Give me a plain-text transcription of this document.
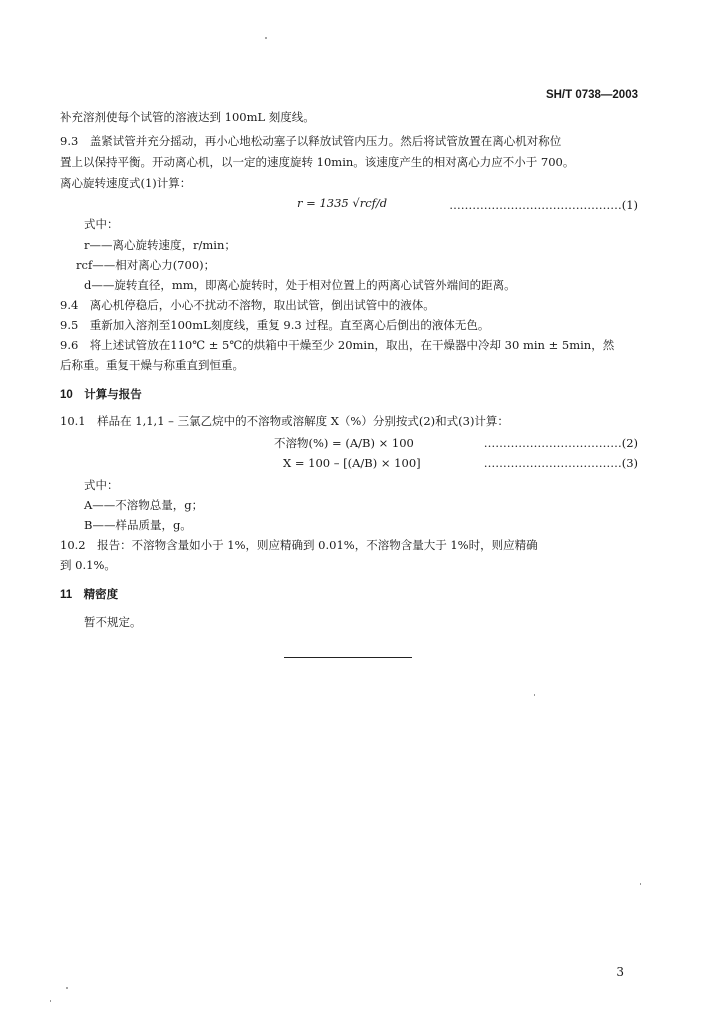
SH/T 0738—2003
补充溶剂使每个试管的溶液达到 100mL 刻度线。
9.3　盖紧试管并充分摇动，再小心地松动塞子以释放试管内压力。然后将试管放置在离心机对称位
置上以保持平衡。开动离心机，以一定的速度旋转 10min。该速度产生的相对离心力应不小于 700。
离心旋转速度式(1)计算：
r = 1335 √rcf/d	………………………………………(1)
式中：
r——离心旋转速度，r/min；
rcf——相对离心力(700)；
d——旋转直径，mm，即离心旋转时，处于相对位置上的两离心试管外端间的距离。
9.4　离心机停稳后，小心不扰动不溶物，取出试管，倒出试管中的液体。
9.5　重新加入溶剂至100mL刻度线，重复 9.3 过程。直至离心后倒出的液体无色。
9.6　将上述试管放在110℃ ± 5℃的烘箱中干燥至少 20min，取出，在干燥器中冷却 30 min ± 5min，然
后称重。重复干燥与称重直到恒重。
10　计算与报告
10.1　样品在 1,1,1 – 三氯乙烷中的不溶物或溶解度 X（%）分别按式(2)和式(3)计算：
不溶物(%) = (A/B) × 100	………………………………(2)
X = 100 – [(A/B) × 100]	………………………………(3)
式中：
A——不溶物总量，g；
B——样品质量，g。
10.2　报告：不溶物含量如小于 1%，则应精确到 0.01%，不溶物含量大于 1%时，则应精确
到 0.1%。
11　精密度
暂不规定。
3
